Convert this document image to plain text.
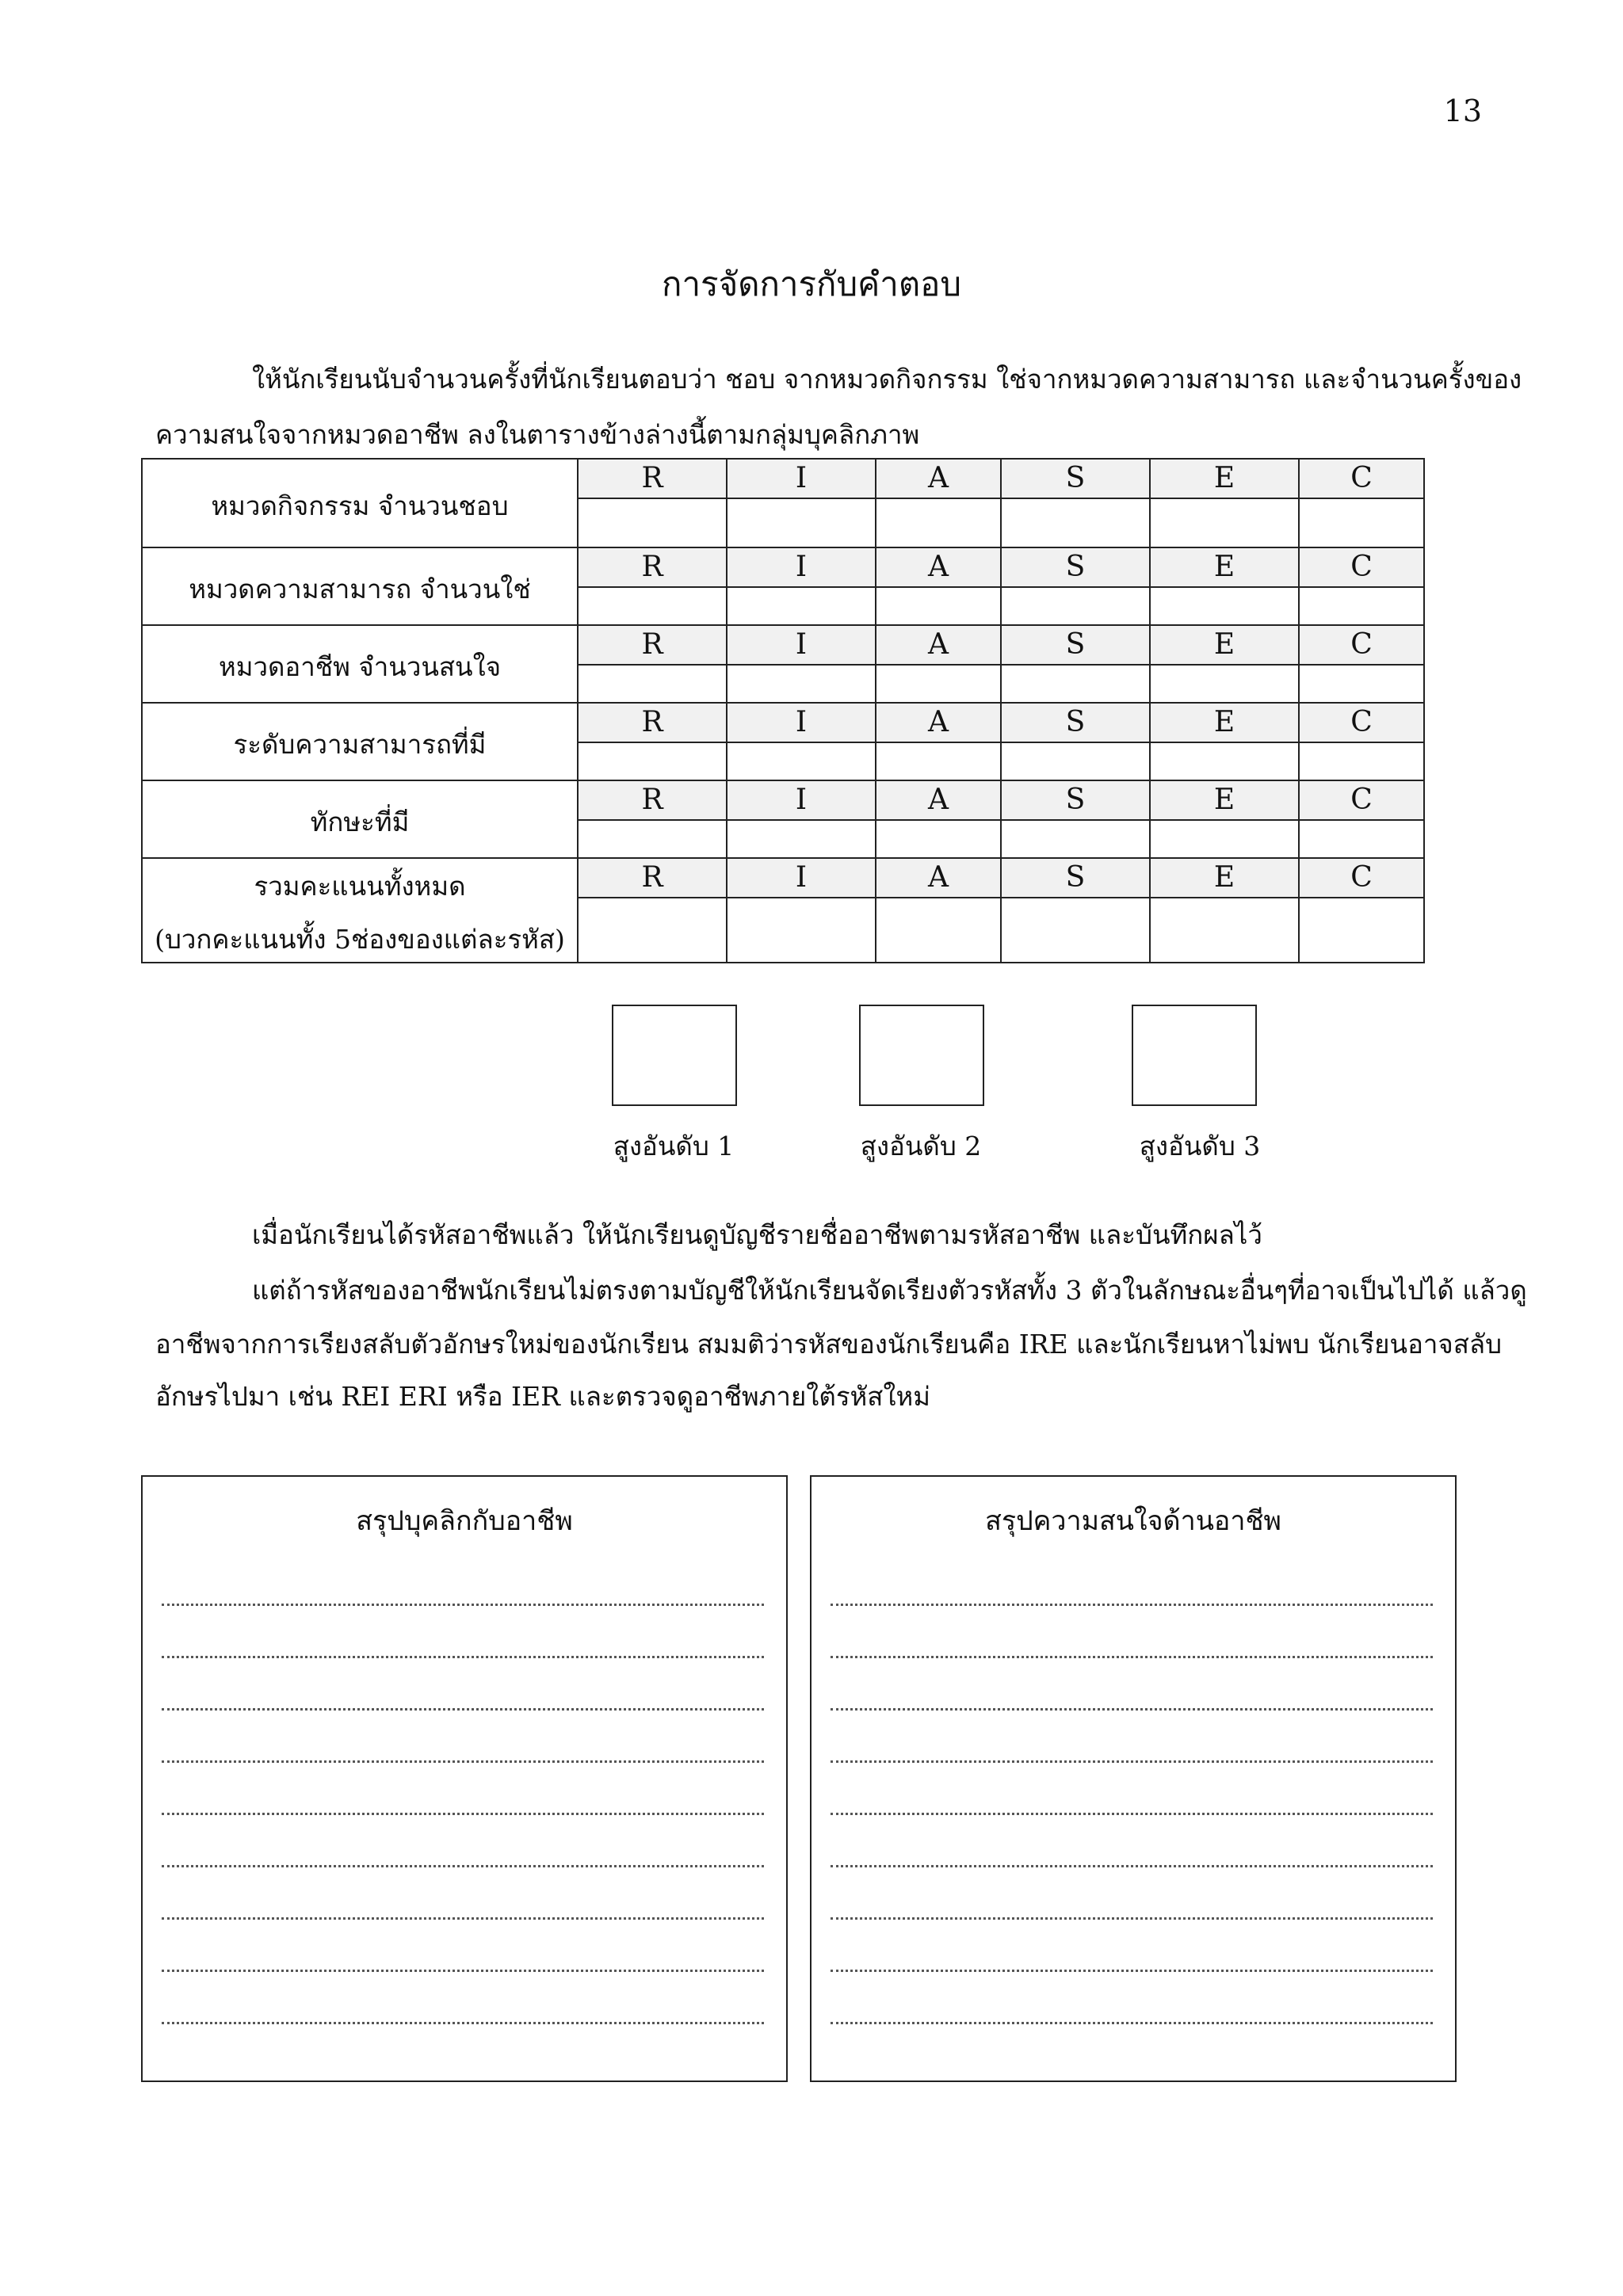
13
การจัดการกับคำตอบ
ให้นักเรียนนับจำนวนครั้งที่นักเรียนตอบว่า ชอบ จากหมวดกิจกรรม ใช่จากหมวดความสามารถ และจำนวนครั้งของ
ความสนใจจากหมวดอาชีพ ลงในตารางข้างล่างนี้ตามกลุ่มบุคลิกภาพ
หมวดกิจกรรม จำนวนชอบ	R	I	A	S	E	C

หมวดความสามารถ จำนวนใช่	R	I	A	S	E	C

หมวดอาชีพ จำนวนสนใจ	R	I	A	S	E	C

ระดับความสามารถที่มี	R	I	A	S	E	C

ทักษะที่มี	R	I	A	S	E	C

รวมคะแนนทั้งหมด
(บวกคะแนนทั้ง 5ช่องของแต่ละรหัส)	R	I	A	S	E	C

สูงอันดับ 1	สูงอันดับ 2	สูงอันดับ 3
เมื่อนักเรียนได้รหัสอาชีพแล้ว ให้นักเรียนดูบัญชีรายชื่ออาชีพตามรหัสอาชีพ และบันทึกผลไว้
แต่ถ้ารหัสของอาชีพนักเรียนไม่ตรงตามบัญชีให้นักเรียนจัดเรียงตัวรหัสทั้ง 3 ตัวในลักษณะอื่นๆที่อาจเป็นไปได้ แล้วดู
อาชีพจากการเรียงสลับตัวอักษรใหม่ของนักเรียน สมมติว่ารหัสของนักเรียนคือ IRE และนักเรียนหาไม่พบ นักเรียนอาจสลับ
อักษรไปมา เช่น REI ERI หรือ IER และตรวจดูอาชีพภายใต้รหัสใหม่
สรุปบุคลิกกับอาชีพ	สรุปความสนใจด้านอาชีพ
